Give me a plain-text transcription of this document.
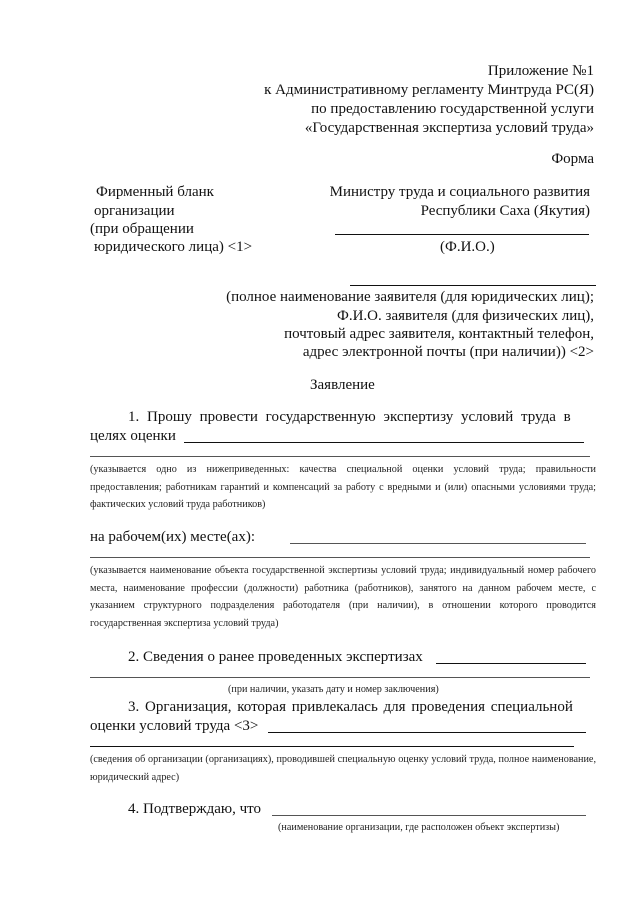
Приложение №1
к Административному регламенту Минтруда РС(Я)
по предоставлению государственной услуги
«Государственная экспертиза условий труда»
Форма
Фирменный бланк
организации
(при обращении
юридического лица) <1>
Министру труда и социального развития
Республики Саха (Якутия)
(Ф.И.О.)
(полное наименование заявителя (для юридических лиц);
Ф.И.О. заявителя (для физических лиц),
почтовый адрес заявителя, контактный телефон,
адрес электронной почты (при наличии)) <2>
Заявление
1. Прошу провести государственную экспертизу условий труда в
целях оценки
(указывается одно из нижеприведенных: качества специальной оценки условий труда; правильности предоставления; работникам гарантий и компенсаций за работу с вредными и (или) опасными условиями труда; фактических условий труда работников)
на рабочем(их) месте(ах):
(указывается наименование объекта государственной экспертизы условий труда; индивидуальный номер рабочего места, наименование профессии (должности) работника (работников), занятого на данном рабочем месте, с указанием структурного подразделения работодателя (при наличии), в отношении которого проводится государственная экспертиза условий труда)
2. Сведения о ранее проведенных экспертизах
(при наличии, указать дату и номер заключения)
3. Организация, которая привлекалась для проведения специальной
оценки условий труда <3>
(сведения об организации (организациях), проводившей специальную оценку условий труда, полное наименование, юридический адрес)
4. Подтверждаю, что
(наименование организации, где расположен объект экспертизы)
